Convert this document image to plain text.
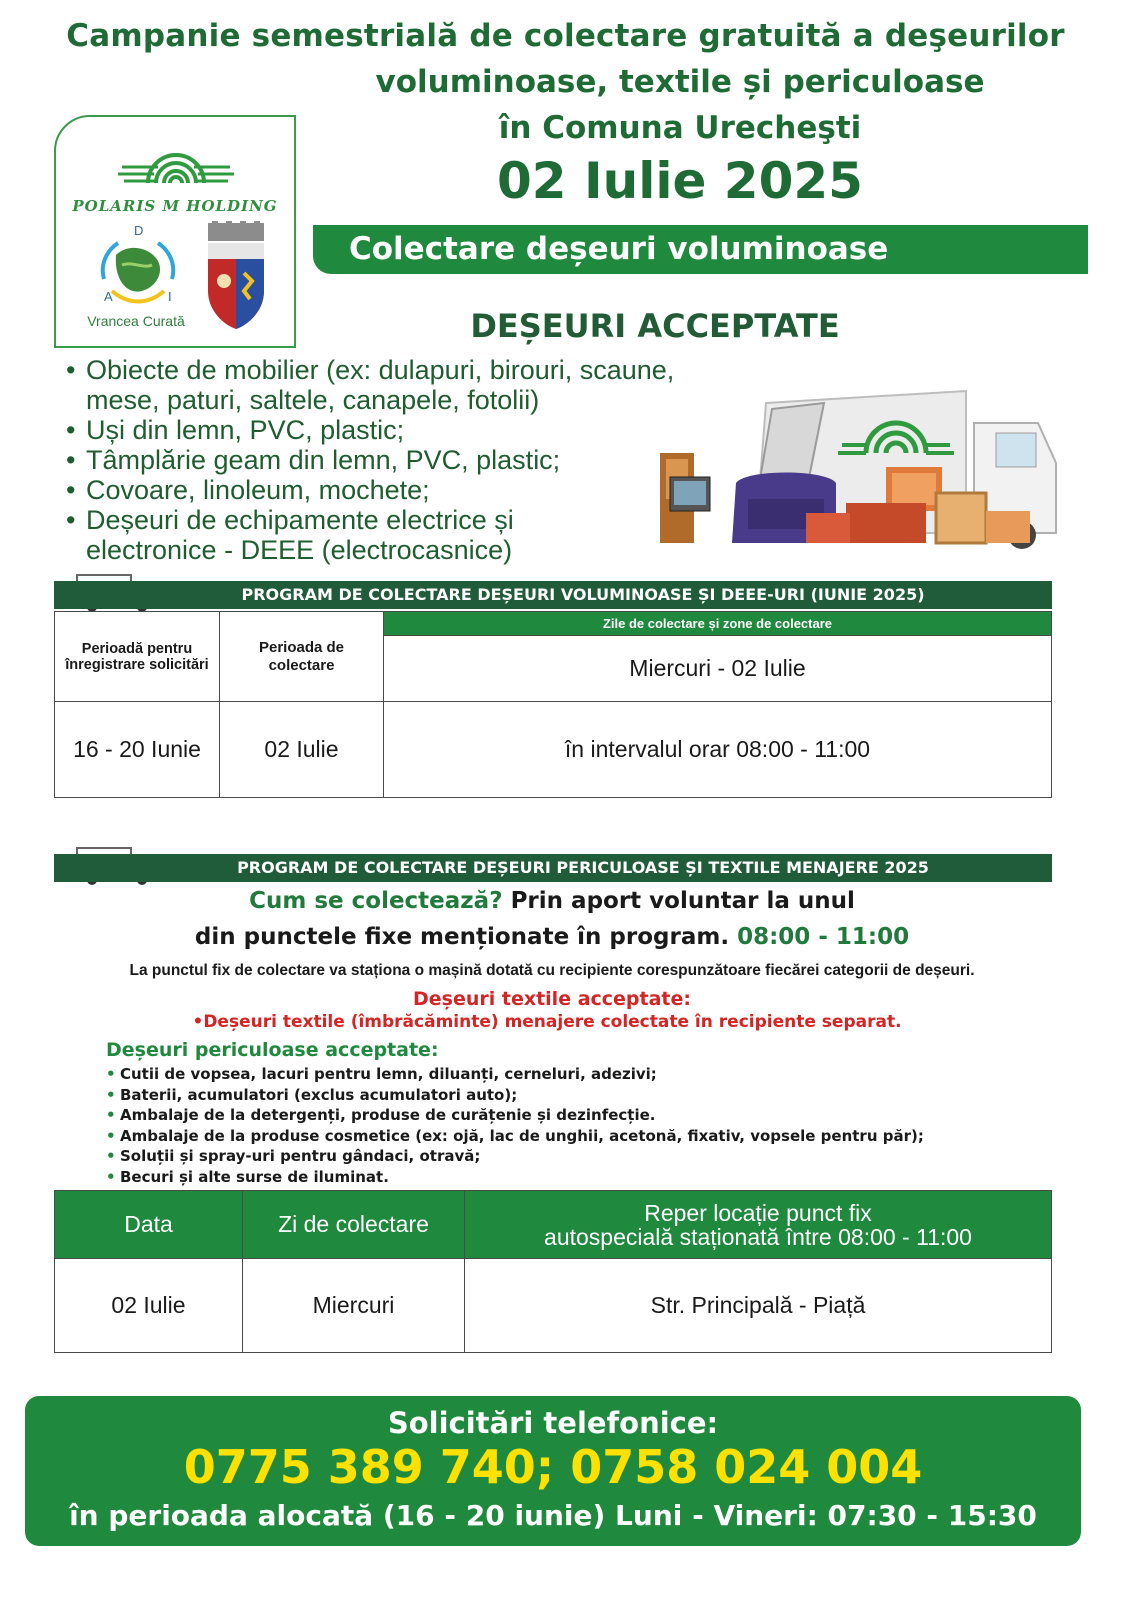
Campanie semestrială de colectare gratuită a deşeurilor
voluminoase, textile și periculoase
în Comuna Urecheşti
02 Iulie 2025
POLARIS M HOLDING
D
A	I
Vrancea Curată
Colectare deșeuri voluminoase
DEȘEURI ACCEPTATE
• Obiecte de mobilier (ex: dulapuri, birouri, scaune, mese, paturi, saltele, canapele, fotolii)
• Uși din lemn, PVC, plastic;
• Tâmplărie geam din lemn, PVC, plastic;
• Covoare, linoleum, mochete;
• Deșeuri de echipamente electrice și electronice - DEEE (electrocasnice)
PROGRAM DE COLECTARE DEȘEURI VOLUMINOASE ȘI DEEE-URI (IUNIE 2025)
Perioadă pentru înregistrare solicitări	Perioada de colectare	Zile de colectare și zone de colectare
		Miercuri - 02 Iulie
16 - 20 Iunie	02 Iulie	în intervalul orar 08:00 - 11:00
PROGRAM DE COLECTARE DEȘEURI PERICULOASE ȘI TEXTILE MENAJERE 2025
Cum se colectează? Prin aport voluntar la unul
din punctele fixe menționate în program. 08:00 - 11:00
La punctul fix de colectare va staționa o mașină dotată cu recipiente corespunzătoare fiecărei categorii de deșeuri.
Deșeuri textile acceptate:
•Deșeuri textile (îmbrăcăminte) menajere colectate în recipiente separat.
Deșeuri periculoase acceptate:
• Cutii de vopsea, lacuri pentru lemn, diluanți, cerneluri, adezivi;
• Baterii, acumulatori (exclus acumulatori auto);
• Ambalaje de la detergenți, produse de curățenie și dezinfecție.
• Ambalaje de la produse cosmetice (ex: ojă, lac de unghii, acetonă, fixativ, vopsele pentru păr);
• Soluții și spray-uri pentru gândaci, otravă;
• Becuri și alte surse de iluminat.
Data	Zi de colectare	Reper locație punct fix
autospecială staționată între 08:00 - 11:00

02 Iulie	Miercuri	Str. Principală - Piață
Solicitări telefonice:
0775 389 740; 0758 024 004
în perioada alocată (16 - 20 iunie) Luni - Vineri: 07:30 - 15:30
